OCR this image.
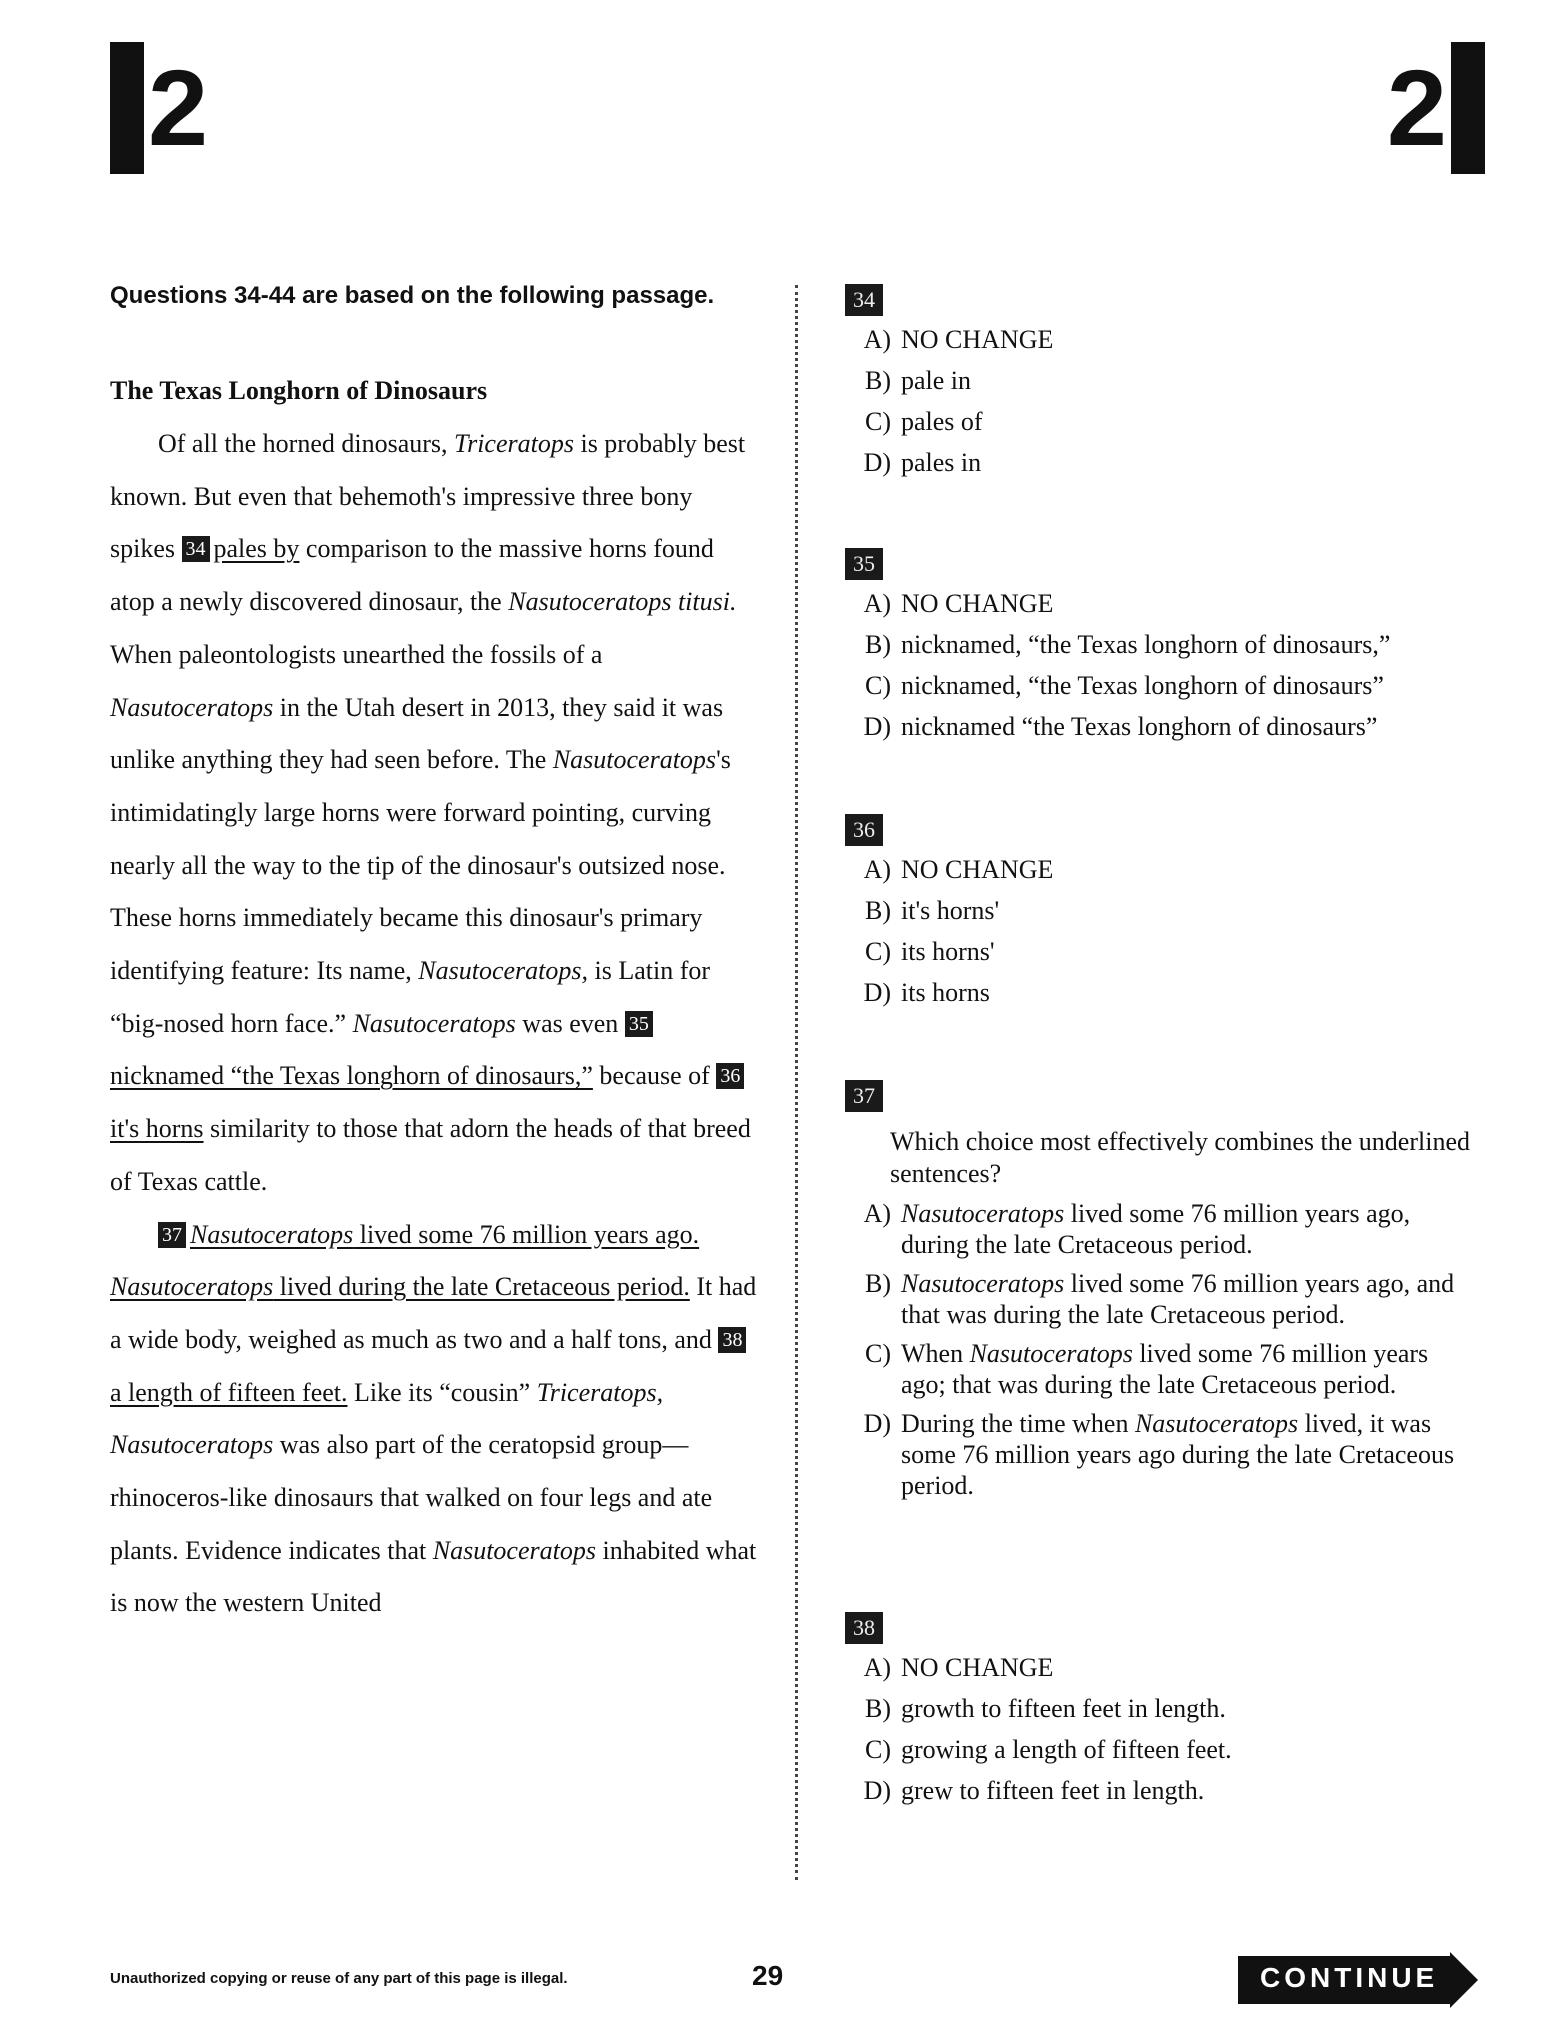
2	2
Questions 34-44 are based on the following passage.
The Texas Longhorn of Dinosaurs

Of all the horned dinosaurs, Triceratops is probably best known. But even that behemoth's impressive three bony spikes 34 pales by comparison to the massive horns found atop a newly discovered dinosaur, the Nasutoceratops titusi. When paleontologists unearthed the fossils of a Nasutoceratops in the Utah desert in 2013, they said it was unlike anything they had seen before. The Nasutoceratops's intimidatingly large horns were forward pointing, curving nearly all the way to the tip of the dinosaur's outsized nose. These horns immediately became this dinosaur's primary identifying feature: Its name, Nasutoceratops, is Latin for “big-nosed horn face.” Nasutoceratops was even 35nicknamed “the Texas longhorn of dinosaurs,” because of 36it's horns similarity to those that adorn the heads of that breed of Texas cattle.

37 Nasutoceratops lived some 76 million years ago. Nasutoceratops lived during the late Cretaceous period. It had a wide body, weighed as much as two and a half tons, and 38a length of fifteen feet. Like its “cousin” Triceratops, Nasutoceratops was also part of the ceratopsid group—rhinoceros-like dinosaurs that walked on four legs and ate plants. Evidence indicates that Nasutoceratops inhabited what is now the western United

34
A) NO CHANGE
B) pale in
C) pales of
D) pales in
35
A) NO CHANGE
B) nicknamed, “the Texas longhorn of dinosaurs,”
C) nicknamed, “the Texas longhorn of dinosaurs”
D) nicknamed “the Texas longhorn of dinosaurs”
36
A) NO CHANGE
B) it's horns'
C) its horns'
D) its horns
37
Which choice most effectively combines the underlined sentences?
A) Nasutoceratops lived some 76 million years ago, during the late Cretaceous period.
B) Nasutoceratops lived some 76 million years ago, and that was during the late Cretaceous period.
C) When Nasutoceratops lived some 76 million years ago; that was during the late Cretaceous period.
D) During the time when Nasutoceratops lived, it was some 76 million years ago during the late Cretaceous period.
38
A) NO CHANGE
B) growth to fifteen feet in length.
C) growing a length of fifteen feet.
D) grew to fifteen feet in length.
Unauthorized copying or reuse of any part of this page is illegal.	29	CONTINUE
